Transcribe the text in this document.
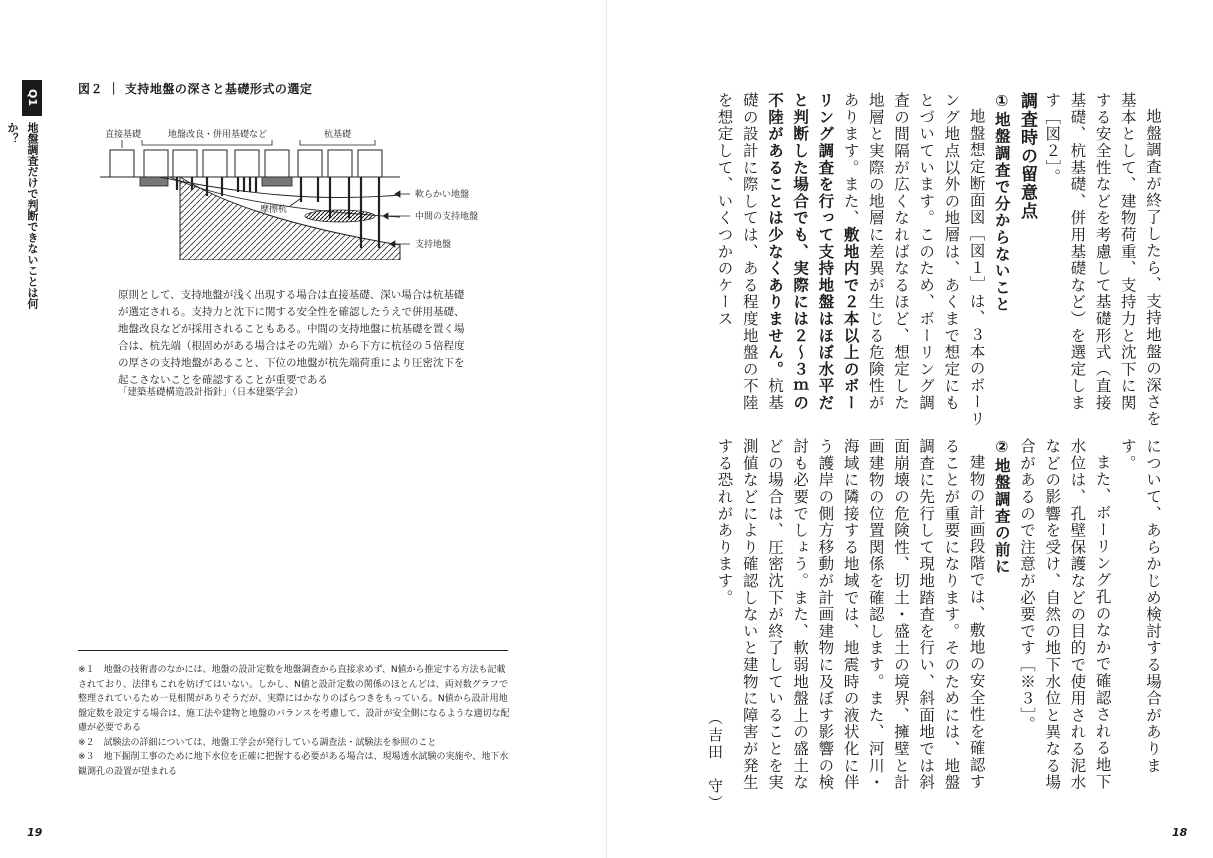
Q1
地盤調査だけで判断できないことは何か？
図２ ｜ 支持地盤の深さと基礎形式の選定
直接基礎	地盤改良・併用基礎など	杭基礎
軟らかい地盤
摩擦杭
中間の支持地盤
支持地盤
原則として、支持地盤が浅く出現する場合は直接基礎、深い場合は杭基礎が選定される。支持力と沈下に関する安全性を確認したうえで併用基礎、地盤改良などが採用されることもある。中間の支持地盤に杭基礎を置く場合は、杭先端（根固めがある場合はその先端）から下方に杭径の５倍程度の厚さの支持地盤があること、下位の地盤が杭先端荷重により圧密沈下を起こさないことを確認することが重要である
「建築基礎構造設計指針」（日本建築学会）

※１　地盤の技術書のなかには、地盤の設計定数を地盤調査から直接求めず、N値から推定する方法も記載されており、法律もこれを妨げてはいない。しかし、N値と設計定数の関係のほとんどは、両対数グラフで整理されているため一見相関がありそうだが、実際にはかなりのばらつきをもっている。N値から設計用地盤定数を設定する場合は、施工法や建物と地盤のバランスを考慮して、設計が安全側になるような適切な配慮が必要である

※２　試験法の詳細については、地盤工学会が発行している調査法・試験法を参照のこと

※３　地下掘削工事のために地下水位を正確に把握する必要がある場合は、現場透水試験の実施や、地下水観測孔の設置が望まれる

19

地盤調査が終了したら、支持地盤の深さを基本として、建物荷重、支持力と沈下に関する安全性などを考慮して基礎形式（直接基礎、杭基礎、併用基礎など）を選定します［図２］。

調査時の留意点

①地盤調査で分からないこと

地盤想定断面図［図１］は、３本のボーリング地点以外の地層は、あくまで想定にもとづいています。このため、ボーリング調査の間隔が広くなればなるほど、想定した地層と実際の地層に差異が生じる危険性があります。また、敷地内で２本以上のボーリング調査を行って支持地盤はほぼ水平だと判断した場合でも、実際には２〜３ｍの不陸があることは少なくありません。杭基礎の設計に際しては、ある程度地盤の不陸を想定して、いくつかのケース

について、あらかじめ検討する場合があります。

また、ボーリング孔のなかで確認される地下水位は、孔壁保護などの目的で使用される泥水などの影響を受け、自然の地下水位と異なる場合があるので注意が必要です［※３］。

②地盤調査の前に

建物の計画段階では、敷地の安全性を確認することが重要になります。そのためには、地盤調査に先行して現地踏査を行い、斜面地では斜面崩壊の危険性、切土・盛土の境界、擁壁と計画建物の位置関係を確認します。また、河川・海域に隣接する地域では、地震時の液状化に伴う護岸の側方移動が計画建物に及ぼす影響の検討も必要でしょう。また、軟弱地盤上の盛土などの場合は、圧密沈下が終了していることを実測値などにより確認しないと建物に障害が発生する恐れがあります。

（吉田　守）
18
